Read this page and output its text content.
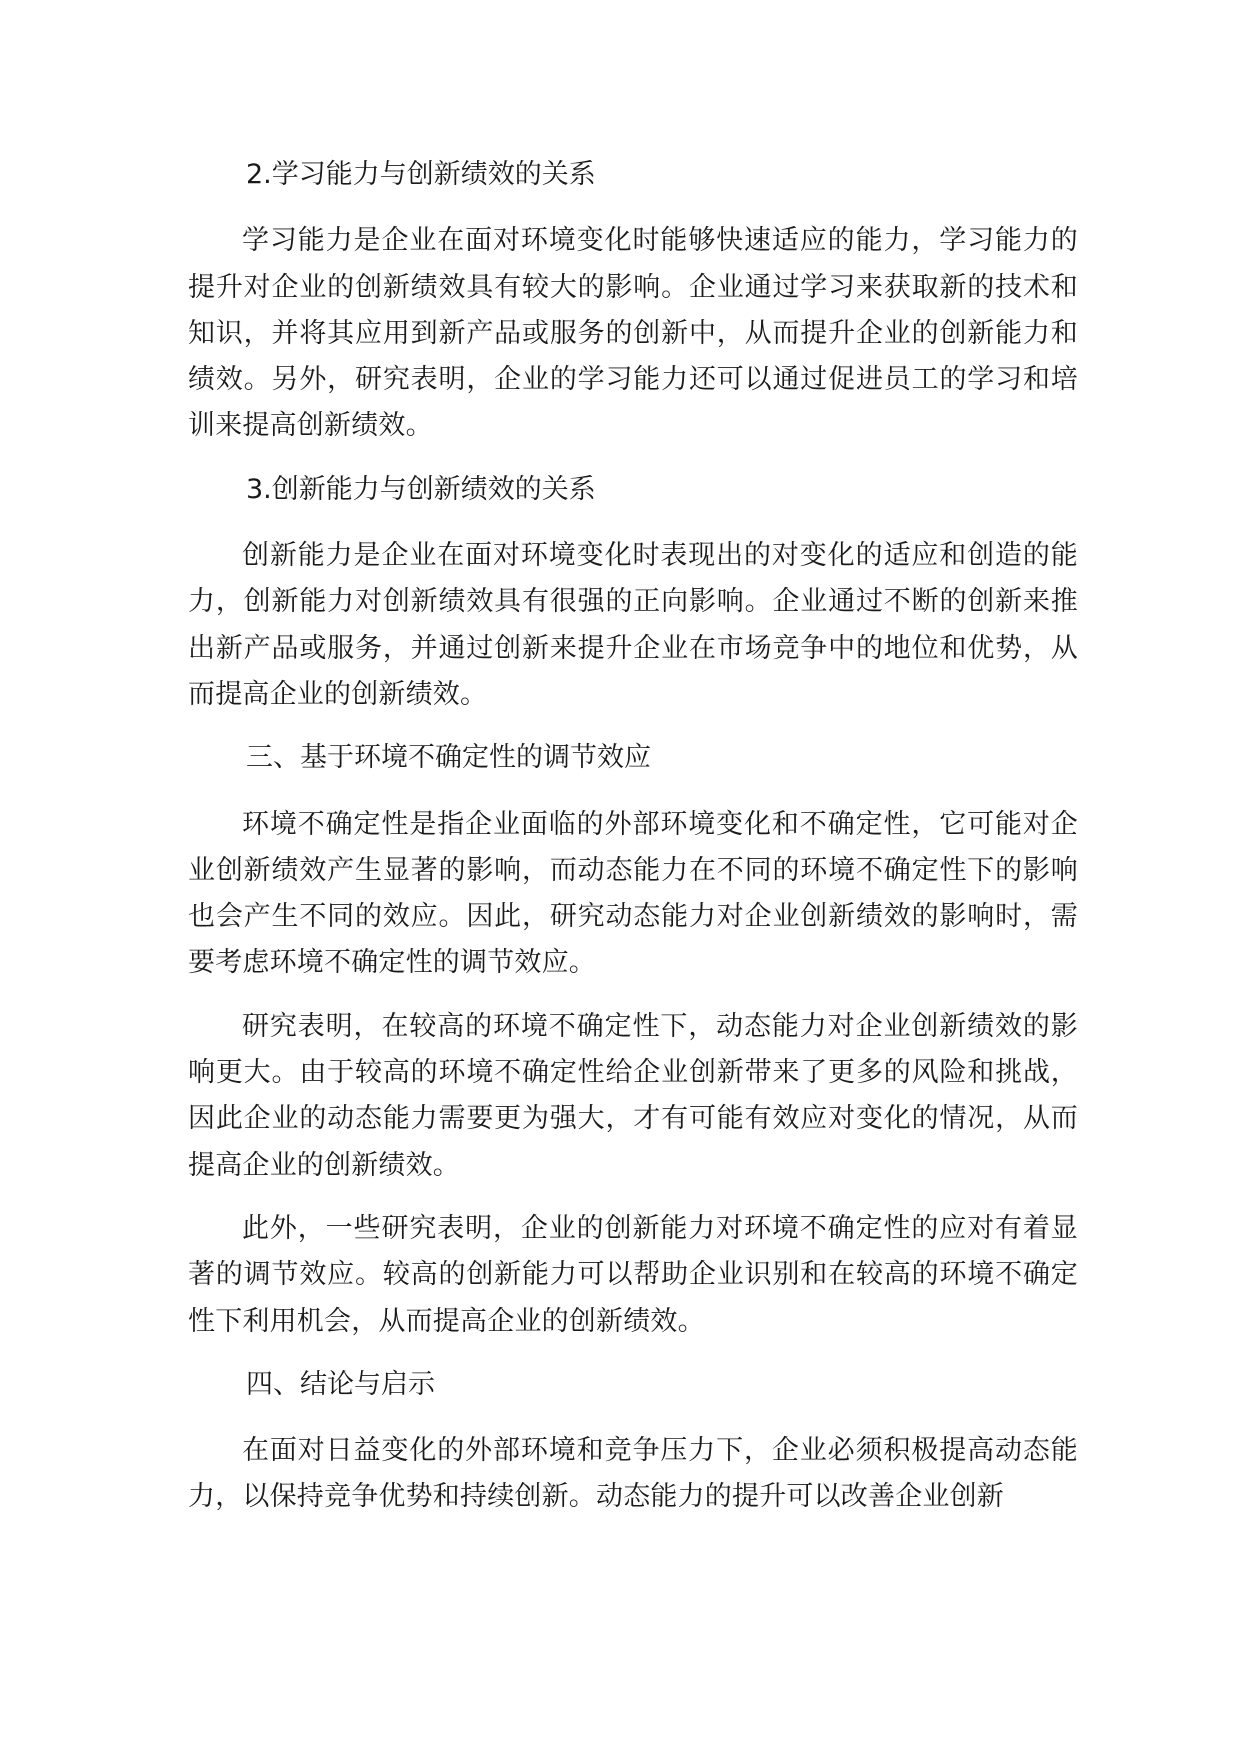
2.学习能力与创新绩效的关系

学习能力是企业在面对环境变化时能够快速适应的能力，学习能力的提升对企业的创新绩效具有较大的影响。企业通过学习来获取新的技术和知识，并将其应用到新产品或服务的创新中，从而提升企业的创新能力和绩效。另外，研究表明，企业的学习能力还可以通过促进员工的学习和培训来提高创新绩效。

3.创新能力与创新绩效的关系

创新能力是企业在面对环境变化时表现出的对变化的适应和创造的能力，创新能力对创新绩效具有很强的正向影响。企业通过不断的创新来推出新产品或服务，并通过创新来提升企业在市场竞争中的地位和优势，从而提高企业的创新绩效。

三、基于环境不确定性的调节效应

环境不确定性是指企业面临的外部环境变化和不确定性，它可能对企业创新绩效产生显著的影响，而动态能力在不同的环境不确定性下的影响也会产生不同的效应。因此，研究动态能力对企业创新绩效的影响时，需要考虑环境不确定性的调节效应。

研究表明，在较高的环境不确定性下，动态能力对企业创新绩效的影响更大。由于较高的环境不确定性给企业创新带来了更多的风险和挑战，因此企业的动态能力需要更为强大，才有可能有效应对变化的情况，从而提高企业的创新绩效。

此外，一些研究表明，企业的创新能力对环境不确定性的应对有着显著的调节效应。较高的创新能力可以帮助企业识别和在较高的环境不确定性下利用机会，从而提高企业的创新绩效。

四、结论与启示

在面对日益变化的外部环境和竞争压力下，企业必须积极提高动态能力，以保持竞争优势和持续创新。动态能力的提升可以改善企业创新
